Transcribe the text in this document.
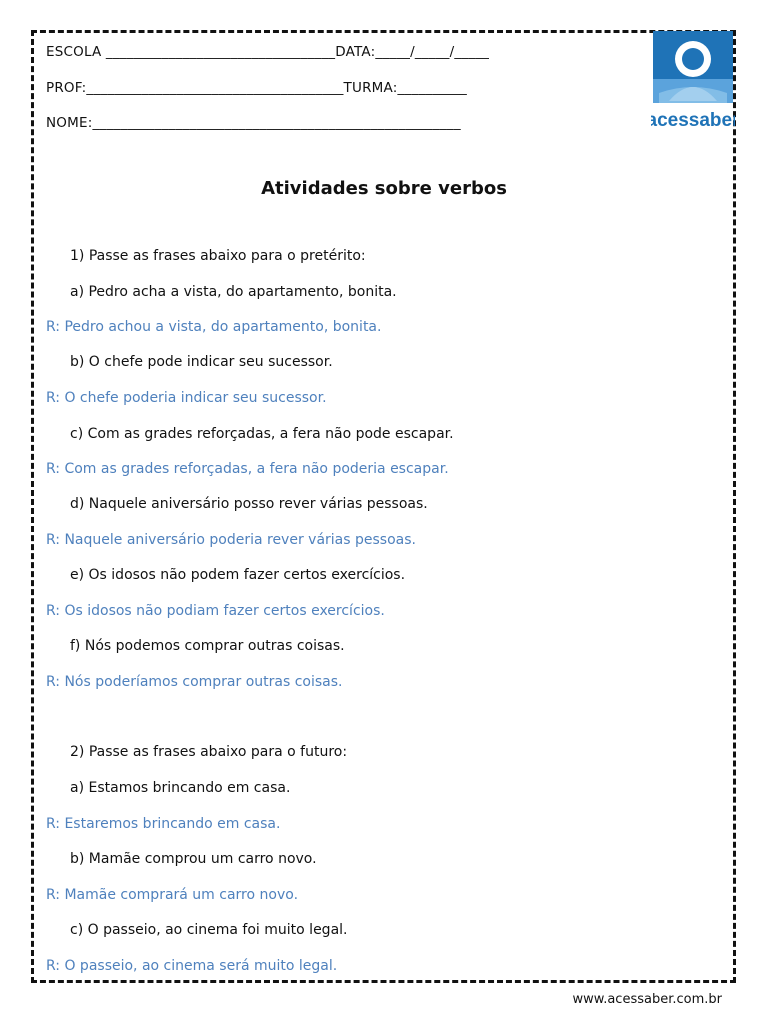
ESCOLA _________________________________DATA:_____/_____/_____
PROF:_____________________________________TURMA:__________
NOME:_____________________________________________________	acessaber
Atividades sobre verbos
1) Passe as frases abaixo para o pretérito:
a) Pedro acha a vista, do apartamento, bonita.
R: Pedro achou a vista, do apartamento, bonita.
b) O chefe pode indicar seu sucessor.
R: O chefe poderia indicar seu sucessor.
c) Com as grades reforçadas, a fera não pode escapar.
R: Com as grades reforçadas, a fera não poderia escapar.
d) Naquele aniversário posso rever várias pessoas.
R: Naquele aniversário poderia rever várias pessoas.
e) Os idosos não podem fazer certos exercícios.
R: Os idosos não podiam fazer certos exercícios.
f) Nós podemos comprar outras coisas.
R: Nós poderíamos comprar outras coisas.
2) Passe as frases abaixo para o futuro:
a) Estamos brincando em casa.
R: Estaremos brincando em casa.
b) Mamãe comprou um carro novo.
R: Mamãe comprará um carro novo.
c) O passeio, ao cinema foi muito legal.
R: O passeio, ao cinema será muito legal.
www.acessaber.com.br
